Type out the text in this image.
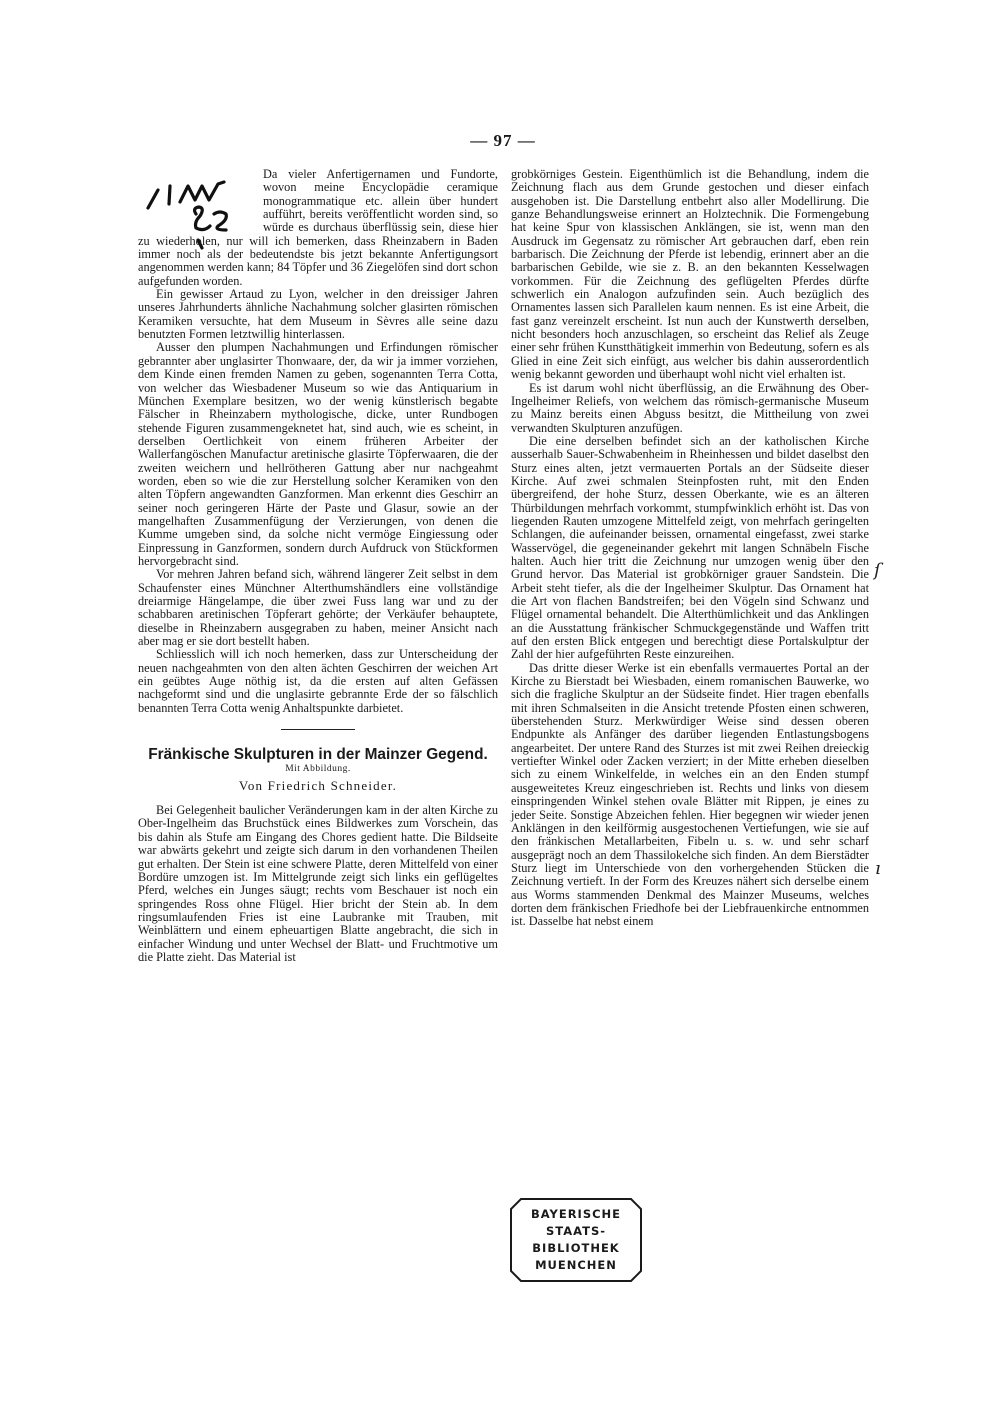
— 97 —

Da vieler Anfertigernamen und Fundorte, wovon meine Encyclopädie ceramique monogrammatique etc. allein über hundert aufführt, bereits veröffentlicht worden sind, so würde es durchaus überflüssig sein, diese hier zu wiederholen, nur will ich bemerken, dass Rheinzabern in Baden immer noch als der bedeutendste bis jetzt bekannte Anfertigungsort angenommen werden kann; 84 Töpfer und 36 Ziegelöfen sind dort schon aufgefunden worden.

Ein gewisser Artaud zu Lyon, welcher in den dreissiger Jahren unseres Jahrhunderts ähnliche Nachahmung solcher glasirten römischen Keramiken versuchte, hat dem Museum in Sèvres alle seine dazu benutzten Formen letztwillig hinterlassen.

Ausser den plumpen Nachahmungen und Erfindungen römischer gebrannter aber unglasirter Thonwaare, der, da wir ja immer vorziehen, dem Kinde einen fremden Namen zu geben, sogenannten Terra Cotta, von welcher das Wiesbadener Museum so wie das Antiquarium in München Exemplare besitzen, wo der wenig künstlerisch begabte Fälscher in Rheinzabern mythologische, dicke, unter Rundbogen stehende Figuren zusammengeknetet hat, sind auch, wie es scheint, in derselben Oertlichkeit von einem früheren Arbeiter der Wallerfangöschen Manufactur aretinische glasirte Töpferwaaren, die der zweiten weichern und hellrötheren Gattung aber nur nachgeahmt worden, eben so wie die zur Herstellung solcher Keramiken von den alten Töpfern angewandten Ganzformen. Man erkennt dies Geschirr an seiner noch geringeren Härte der Paste und Glasur, sowie an der mangelhaften Zusammenfügung der Verzierungen, von denen die Kumme umgeben sind, da solche nicht vermöge Eingiessung oder Einpressung in Ganzformen, sondern durch Aufdruck von Stückformen hervorgebracht sind.

Vor mehren Jahren befand sich, während längerer Zeit selbst in dem Schaufenster eines Münchner Alterthumshändlers eine vollständige dreiarmige Hängelampe, die über zwei Fuss lang war und zu der schabbaren aretinischen Töpferart gehörte; der Verkäufer behauptete, dieselbe in Rheinzabern ausgegraben zu haben, meiner Ansicht nach aber mag er sie dort bestellt haben.

Schliesslich will ich noch hemerken, dass zur Unterscheidung der neuen nachgeahmten von den alten ächten Geschirren der weichen Art ein geübtes Auge nöthig ist, da die ersten auf alten Gefässen nachgeformt sind und die unglasirte gebrannte Erde der so fälschlich benannten Terra Cotta wenig Anhaltspunkte darbietet.

Fränkische Skulpturen in der Mainzer Gegend.
Mit Abbildung.
Von Friedrich Schneider.

Bei Gelegenheit baulicher Veränderungen kam in der alten Kirche zu Ober-Ingelheim das Bruchstück eines Bildwerkes zum Vorschein, das bis dahin als Stufe am Eingang des Chores gedient hatte. Die Bildseite war abwärts gekehrt und zeigte sich darum in den vorhandenen Theilen gut erhalten. Der Stein ist eine schwere Platte, deren Mittelfeld von einer Bordüre umzogen ist. Im Mittelgrunde zeigt sich links ein geflügeltes Pferd, welches ein Junges säugt; rechts vom Beschauer ist noch ein springendes Ross ohne Flügel. Hier bricht der Stein ab. In dem ringsumlaufenden Fries ist eine Laubranke mit Trauben, mit Weinblättern und einem epheuartigen Blatte angebracht, die sich in einfacher Windung und unter Wechsel der Blatt- und Fruchtmotive um die Platte zieht. Das Material ist

grobkörniges Gestein. Eigenthümlich ist die Behandlung, indem die Zeichnung flach aus dem Grunde gestochen und dieser einfach ausgehoben ist. Die Darstellung entbehrt also aller Modellirung. Die ganze Behandlungsweise erinnert an Holztechnik. Die Formengebung hat keine Spur von klassischen Anklängen, sie ist, wenn man den Ausdruck im Gegensatz zu römischer Art gebrauchen darf, eben rein barbarisch. Die Zeichnung der Pferde ist lebendig, erinnert aber an die barbarischen Gebilde, wie sie z. B. an den bekannten Kesselwagen vorkommen. Für die Zeichnung des geflügelten Pferdes dürfte schwerlich ein Analogon aufzufinden sein. Auch bezüglich des Ornamentes lassen sich Parallelen kaum nennen. Es ist eine Arbeit, die fast ganz vereinzelt erscheint. Ist nun auch der Kunstwerth derselben, nicht besonders hoch anzuschlagen, so erscheint das Relief als Zeuge einer sehr frühen Kunstthätigkeit immerhin von Bedeutung, sofern es als Glied in eine Zeit sich einfügt, aus welcher bis dahin ausserordentlich wenig bekannt geworden und überhaupt wohl nicht viel erhalten ist.

Es ist darum wohl nicht überflüssig, an die Erwähnung des Ober-Ingelheimer Reliefs, von welchem das römisch-germanische Museum zu Mainz bereits einen Abguss besitzt, die Mittheilung von zwei verwandten Skulpturen anzufügen.

Die eine derselben befindet sich an der katholischen Kirche ausserhalb Sauer-Schwabenheim in Rheinhessen und bildet daselbst den Sturz eines alten, jetzt vermauerten Portals an der Südseite dieser Kirche. Auf zwei schmalen Steinpfosten ruht, mit den Enden übergreifend, der hohe Sturz, dessen Oberkante, wie es an älteren Thürbildungen mehrfach vorkommt, stumpfwinklich erhöht ist. Das von liegenden Rauten umzogene Mittelfeld zeigt, von mehrfach geringelten Schlangen, die aufeinander beissen, ornamental eingefasst, zwei starke Wasservögel, die gegeneinander gekehrt mit langen Schnäbeln Fische halten. Auch hier tritt die Zeichnung nur umzogen wenig über den Grund hervor. Das Material ist grobkörniger grauer Sandstein. Die Arbeit steht tiefer, als die der Ingelheimer Skulptur. Das Ornament hat die Art von flachen Bandstreifen; bei den Vögeln sind Schwanz und Flügel ornamental behandelt. Die Alterthümlichkeit und das Anklingen an die Ausstattung fränkischer Schmuckgegenstände und Waffen tritt auf den ersten Blick entgegen und berechtigt diese Portalskulptur der Zahl der hier aufgeführten Reste einzureihen.

Das dritte dieser Werke ist ein ebenfalls vermauertes Portal an der Kirche zu Bierstadt bei Wiesbaden, einem romanischen Bauwerke, wo sich die fragliche Skulptur an der Südseite findet. Hier tragen ebenfalls mit ihren Schmalseiten in die Ansicht tretende Pfosten einen schweren, überstehenden Sturz. Merkwürdiger Weise sind dessen oberen Endpunkte als Anfänger des darüber liegenden Entlastungsbogens angearbeitet. Der untere Rand des Sturzes ist mit zwei Reihen dreieckig vertiefter Winkel oder Zacken verziert; in der Mitte erheben dieselben sich zu einem Winkelfelde, in welches ein an den Enden stumpf ausgeweitetes Kreuz eingeschrieben ist. Rechts und links von diesem einspringenden Winkel stehen ovale Blätter mit Rippen, je eines zu jeder Seite. Sonstige Abzeichen fehlen. Hier begegnen wir wieder jenen Anklängen in den keilförmig ausgestochenen Vertiefungen, wie sie auf den fränkischen Metallarbeiten, Fibeln u. s. w. und sehr scharf ausgeprägt noch an dem Thassilokelche sich finden. An dem Bierstädter Sturz liegt im Unterschiede von den vorhergehenden Stücken die Zeichnung vertieft. In der Form des Kreuzes nähert sich derselbe einem aus Worms stammenden Denkmal des Mainzer Museums, welches dorten dem fränkischen Friedhofe bei der Liebfrauenkirche entnommen ist. Dasselbe hat nebst einem

ſ
ı
BAYERISCHE
STAATS-
BIBLIOTHEK
MUENCHEN
